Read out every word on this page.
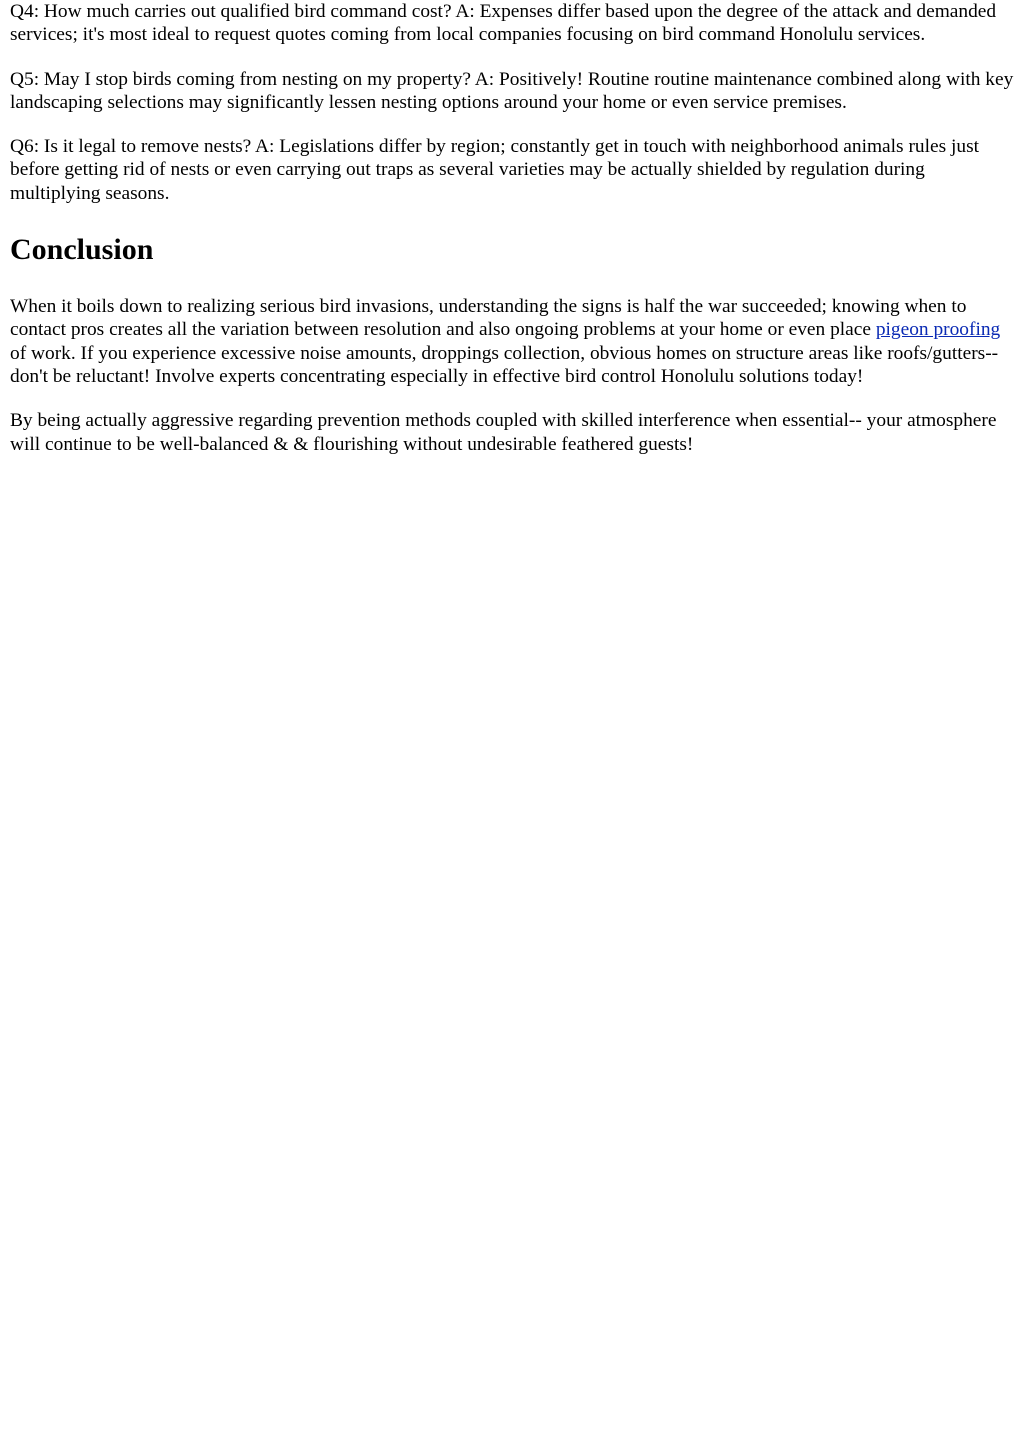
Q4: How much carries out qualified bird command cost? A: Expenses differ based upon the degree of the attack and demanded services; it's most ideal to request quotes coming from local companies focusing on bird command Honolulu services.

Q5: May I stop birds coming from nesting on my property? A: Positively! Routine routine maintenance combined along with key landscaping selections may significantly lessen nesting options around your home or even service premises.

Q6: Is it legal to remove nests? A: Legislations differ by region; constantly get in touch with neighborhood animals rules just before getting rid of nests or even carrying out traps as several varieties may be actually shielded by regulation during multiplying seasons.

Conclusion

When it boils down to realizing serious bird invasions, understanding the signs is half the war succeeded; knowing when to contact pros creates all the variation between resolution and also ongoing problems at your home or even place pigeon proofing of work. If you experience excessive noise amounts, droppings collection, obvious homes on structure areas like roofs/gutters-- don't be reluctant! Involve experts concentrating especially in effective bird control Honolulu solutions today!

By being actually aggressive regarding prevention methods coupled with skilled interference when essential-- your atmosphere will continue to be well-balanced & & flourishing without undesirable feathered guests!
